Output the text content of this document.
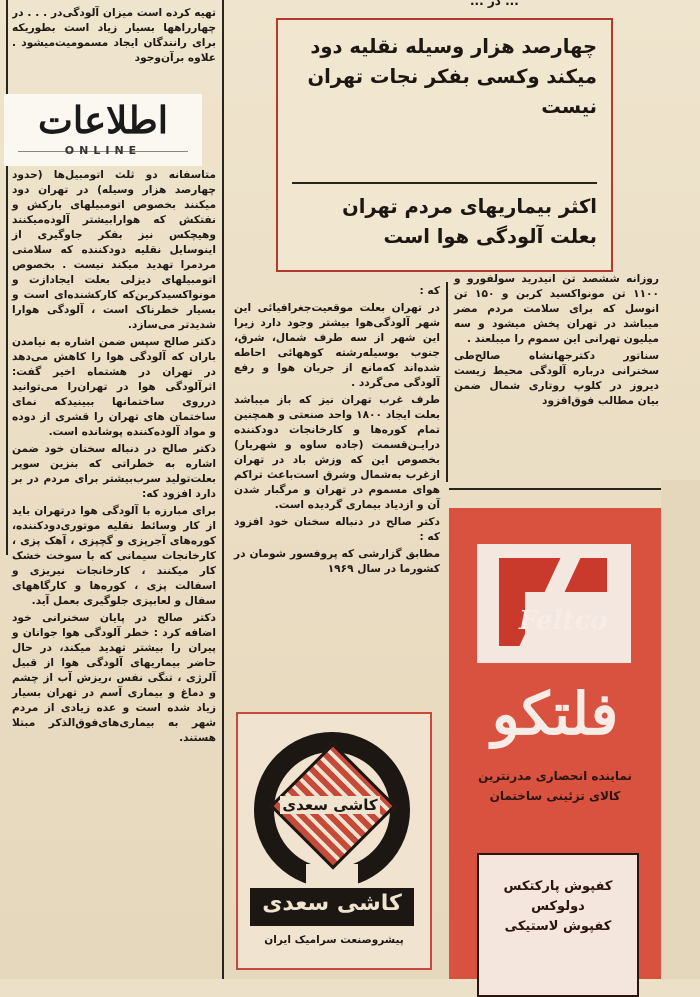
... در ...
چهارصد هزار وسیله نقلیه دود میکند وکسی بفکر نجات تهران نیست
اکثر بیماریهای مردم تهران بعلت آلودگی هوا است

روزانه ششصد تن انیدرید سولفورو و ۱۱۰۰ تن مونواکسید کربن و ۱۵۰ تن انوسل که برای سلامت مردم مضر میباشد در تهران پخش میشود و سه میلیون تهرانی این سموم را میبلعند .

سناتور دکترجهانشاه صالح‌طی سخنرانی درباره آلودگی محیط زیست دیروز در کلوپ روتاری شمال ضمن بیان مطالب فوق‌افزود

که :

در تهران بعلت موقعیت‌جغرافیائی این شهر آلودگی‌هوا بیشتر وجود دارد زیرا این شهر از سه طرف شمال، شرق، جنوب بوسیله‌رشته کوههائی احاطه شده‌اند که‌مانع از جریان هوا و رفع آلودگی می‌گردد .

طرف غرب تهران نیز که باز میباشد بعلت ایجاد ۱۸۰۰ واحد صنعتی و همچنین تمام کوره‌ها و کارخانجات دودکننده درایـن‌قسمت (جاده ساوه و شهریار) بخصوص این که وزش باد در تهران ازغرب به‌شمال وشرق است‌باعث تراکم هوای مسموم در تهران و مرگبار شدن آن و ازدیاد بیماری گردیده است.

دکتر صالح در دنباله سخنان خود افزود که :

مطابق گزارشی که پروفسور شومان در کشورما در سال ۱۹۶۹

تهیه کرده است میزان آلودگی‌در . . . در چهارراهها بسیار زیاد است بطوریکه برای رانندگان ایجاد مسمومیت‌میشود . علاوه برآن‌وجود

متاسفانه دو ثلث اتومبیل‌ها (حدود چهارصد هزار وسیله) در تهران دود میکنند بخصوص اتومبیلهای بارکش و نفتکش که هوارابیشتر آلوده‌میکنند وهیچکس نیز بفکر جاوگیری از اینوسایل نقلیه دودکننده که سلامتی مردمرا تهدید میکند نیست . بخصوص اتومبیلهای دیزلی بعلت ایجادازت و مونواکسیدکربن‌که کارکشنده‌ای است و بسیار خطرناک است ، آلودگی هوارا شدیدتر می‌سازد.

دکتر صالح سپس ضمن اشاره به‌ نیامدن باران که آلودگی هوا را کاهش می‌دهد در تهران در هشتماه اخیر گفت: اثرآلودگی هوا در تهران‌را می‌توانید درروی ساختمانها ببینید‌که نمای ساختمان های تهران را قشری از دوده و مواد آلوده‌کننده پوشانده است.

دکتر صالح در دنباله سخنان خود ضمن اشاره به خطراتی که بنزین سوپر بعلت‌تولید سرب‌بیشتر برای مردم در بر دارد افزود که:

برای مبارزه با آلودگی هوا درتهران باید از کار وسائط نقلیه موتوری‌دودکننده، کوره‌های آجرپزی و گچپزی ، آهک پزی ، کارخانجات سیمانی که با سوخت خشک کار میکنند ، کارخانجات نیریزی و اسفالت پزی ، کوره‌ها و کارگاههای سفال و لعابپزی جلوگیری بعمل آید.

دکتر صالح در پایان سخنرانی خود اضافه کرد : خطر آلودگی هوا جوانان و پیران را بیشتر تهدید میکند، در حال حاضر بیماریهای آلودگی هوا از قبیل آلرژی ، تنگی نفس ،ریزش آب از چشم و دماغ و بیماری آسم در تهران بسیار زیاد شده است و عده زیادی از مردم شهر به بیماری‌های‌فوق‌الذکر مبتلا هستند.

اطلاعات
ONLINE
کاشی سعدی
کاشی سعدی
پیشروصنعت سرامیک ایران
Feltco
فلتکو
نماینده انحصاری مدرنترین
کالای تزئینی ساختمان
کفپوش پارکتکس
دولوکس
کفپوش لاستیکی
